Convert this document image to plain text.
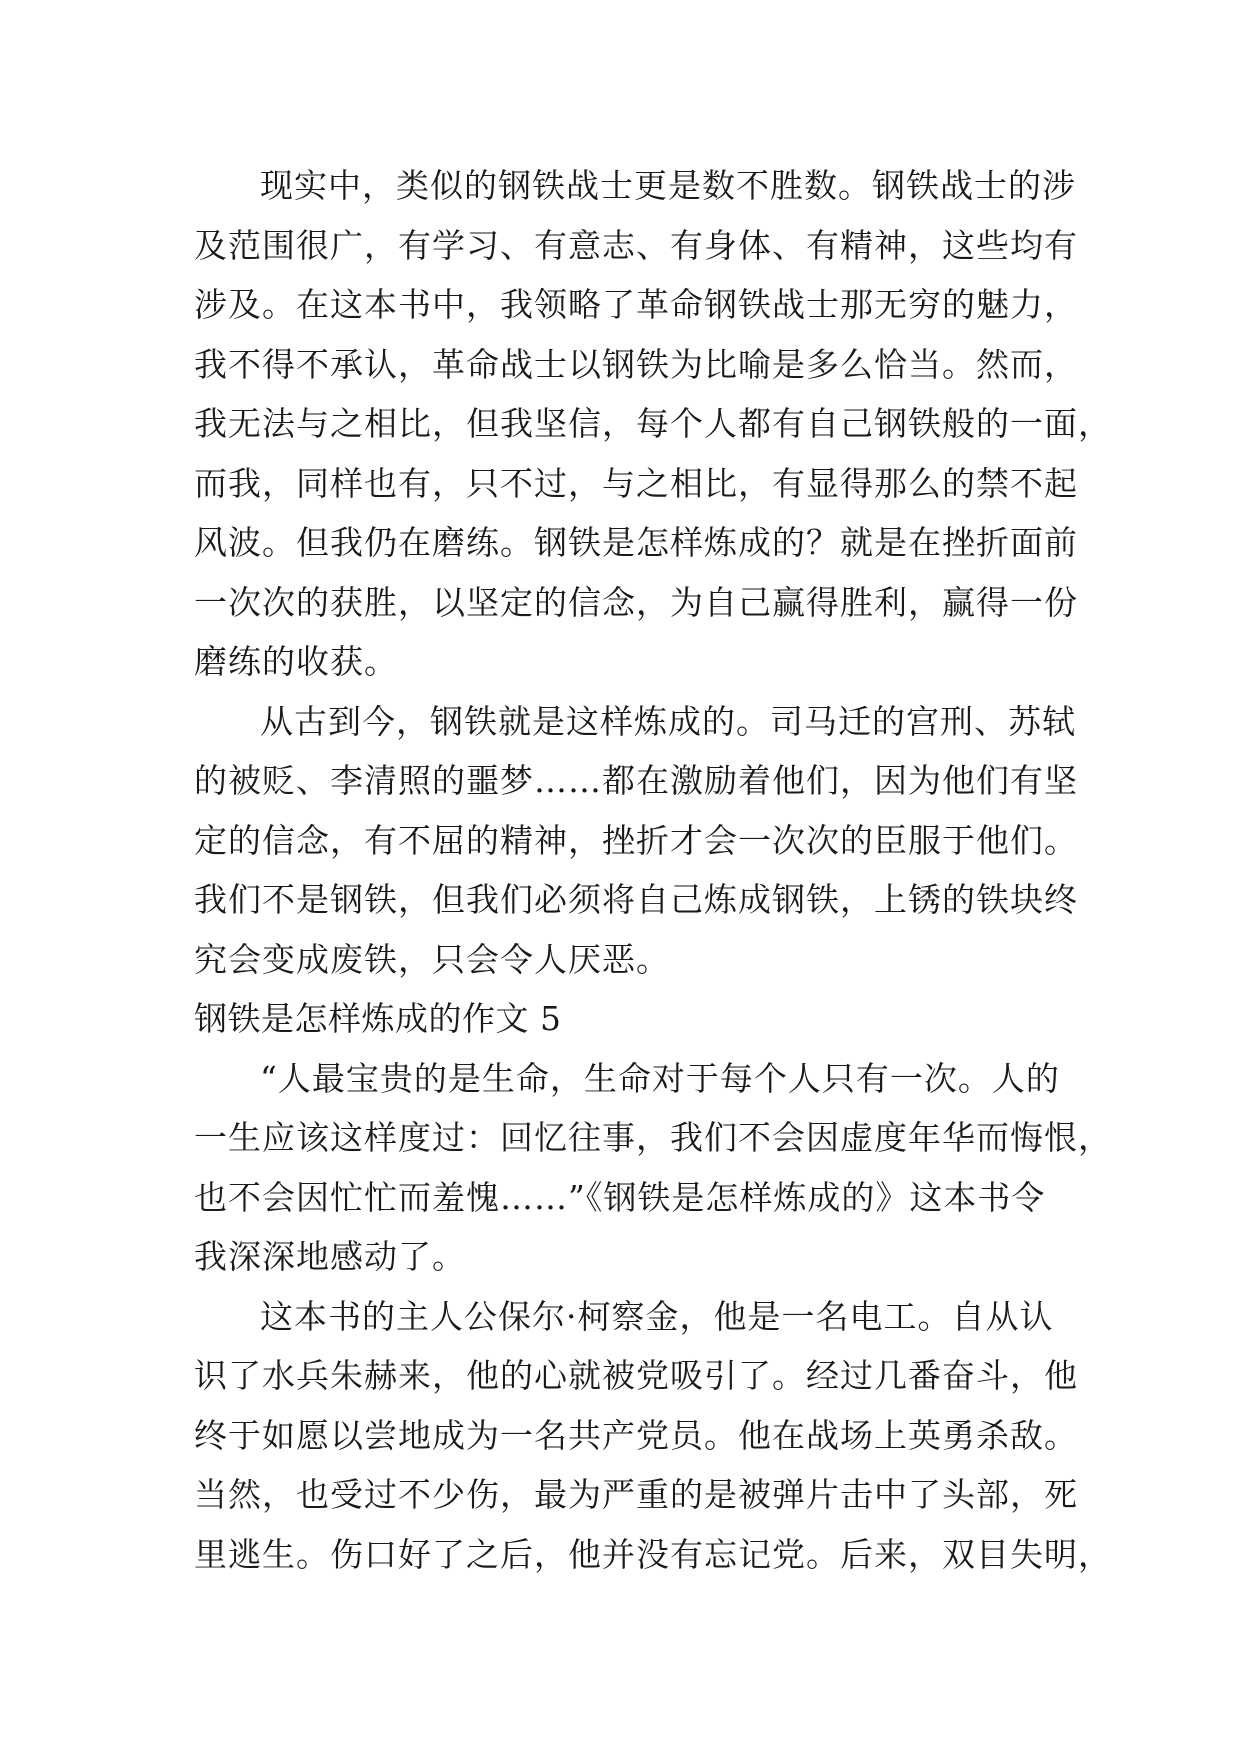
现实中，类似的钢铁战士更是数不胜数。钢铁战士的涉
及范围很广，有学习、有意志、有身体、有精神，这些均有
涉及。在这本书中，我领略了革命钢铁战士那无穷的魅力，
我不得不承认，革命战士以钢铁为比喻是多么恰当。然而，
我无法与之相比，但我坚信，每个人都有自己钢铁般的一面，
而我，同样也有，只不过，与之相比，有显得那么的禁不起
风波。但我仍在磨练。钢铁是怎样炼成的？就是在挫折面前
一次次的获胜，以坚定的信念，为自己赢得胜利，赢得一份
磨练的收获。
从古到今，钢铁就是这样炼成的。司马迁的宫刑、苏轼
的被贬、李清照的噩梦……都在激励着他们，因为他们有坚
定的信念，有不屈的精神，挫折才会一次次的臣服于他们。
我们不是钢铁，但我们必须将自己炼成钢铁，上锈的铁块终
究会变成废铁，只会令人厌恶。
钢铁是怎样炼成的作文 5
“人最宝贵的是生命，生命对于每个人只有一次。人的
一生应该这样度过：回忆往事，我们不会因虚度年华而悔恨，
也不会因忙忙而羞愧……”《钢铁是怎样炼成的》这本书令
我深深地感动了。
这本书的主人公保尔·柯察金，他是一名电工。自从认
识了水兵朱赫来，他的心就被党吸引了。经过几番奋斗，他
终于如愿以尝地成为一名共产党员。他在战场上英勇杀敌。
当然，也受过不少伤，最为严重的是被弹片击中了头部，死
里逃生。伤口好了之后，他并没有忘记党。后来，双目失明，
